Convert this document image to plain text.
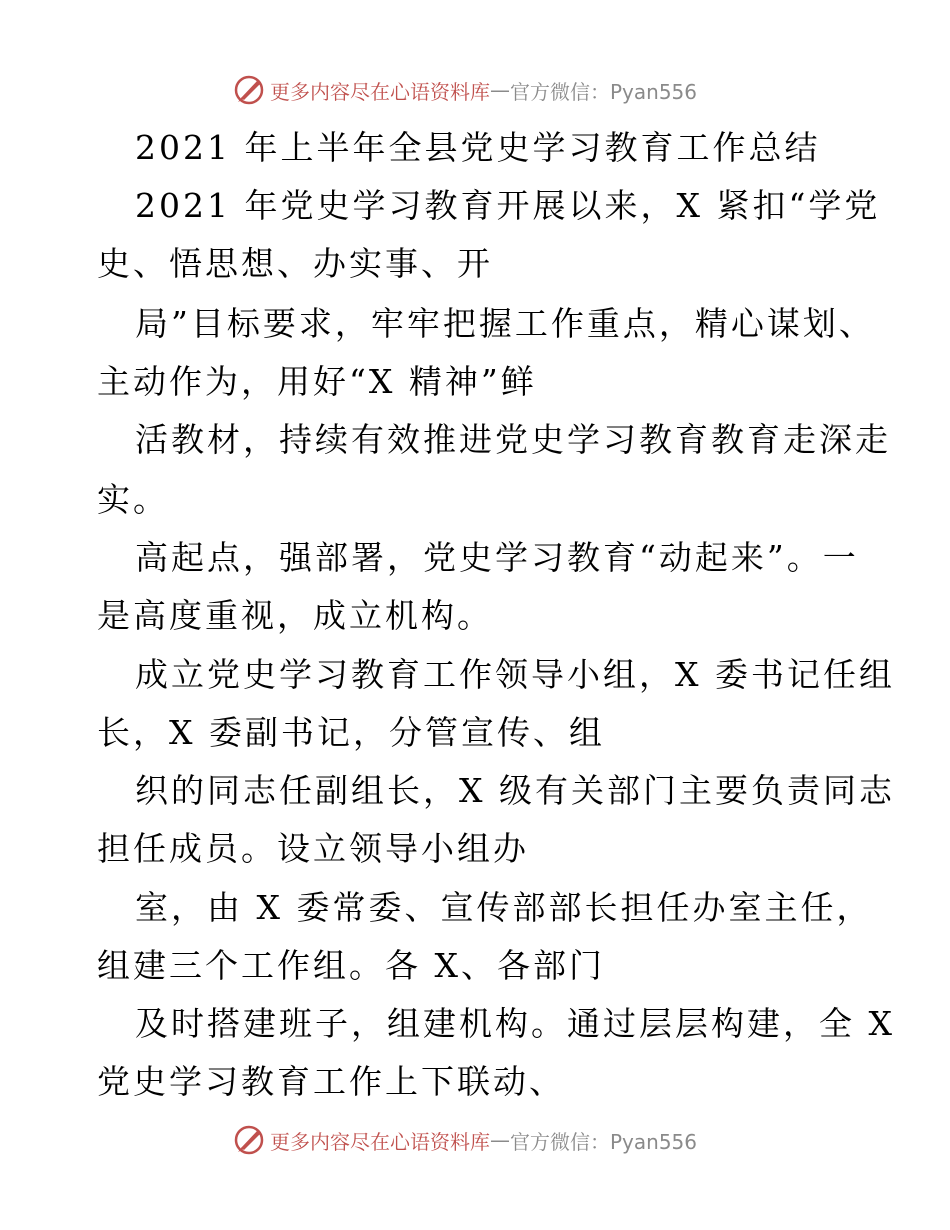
更多内容尽在心语资料库 — 官方微信：Pyan556
2021 年上半年全县党史学习教育工作总结
2021 年党史学习教育开展以来，X 紧扣“学党
史、悟思想、办实事、开
局”目标要求，牢牢把握工作重点，精心谋划、
主动作为，用好“X 精神”鲜
活教材，持续有效推进党史学习教育教育走深走
实。
高起点，强部署，党史学习教育“动起来”。一
是高度重视，成立机构。
成立党史学习教育工作领导小组，X 委书记任组
长，X 委副书记，分管宣传、组
织的同志任副组长，X 级有关部门主要负责同志
担任成员。设立领导小组办
室，由 X 委常委、宣传部部长担任办室主任，
组建三个工作组。各 X、各部门
及时搭建班子，组建机构。通过层层构建，全 X
党史学习教育工作上下联动、
更多内容尽在心语资料库 — 官方微信：Pyan556
